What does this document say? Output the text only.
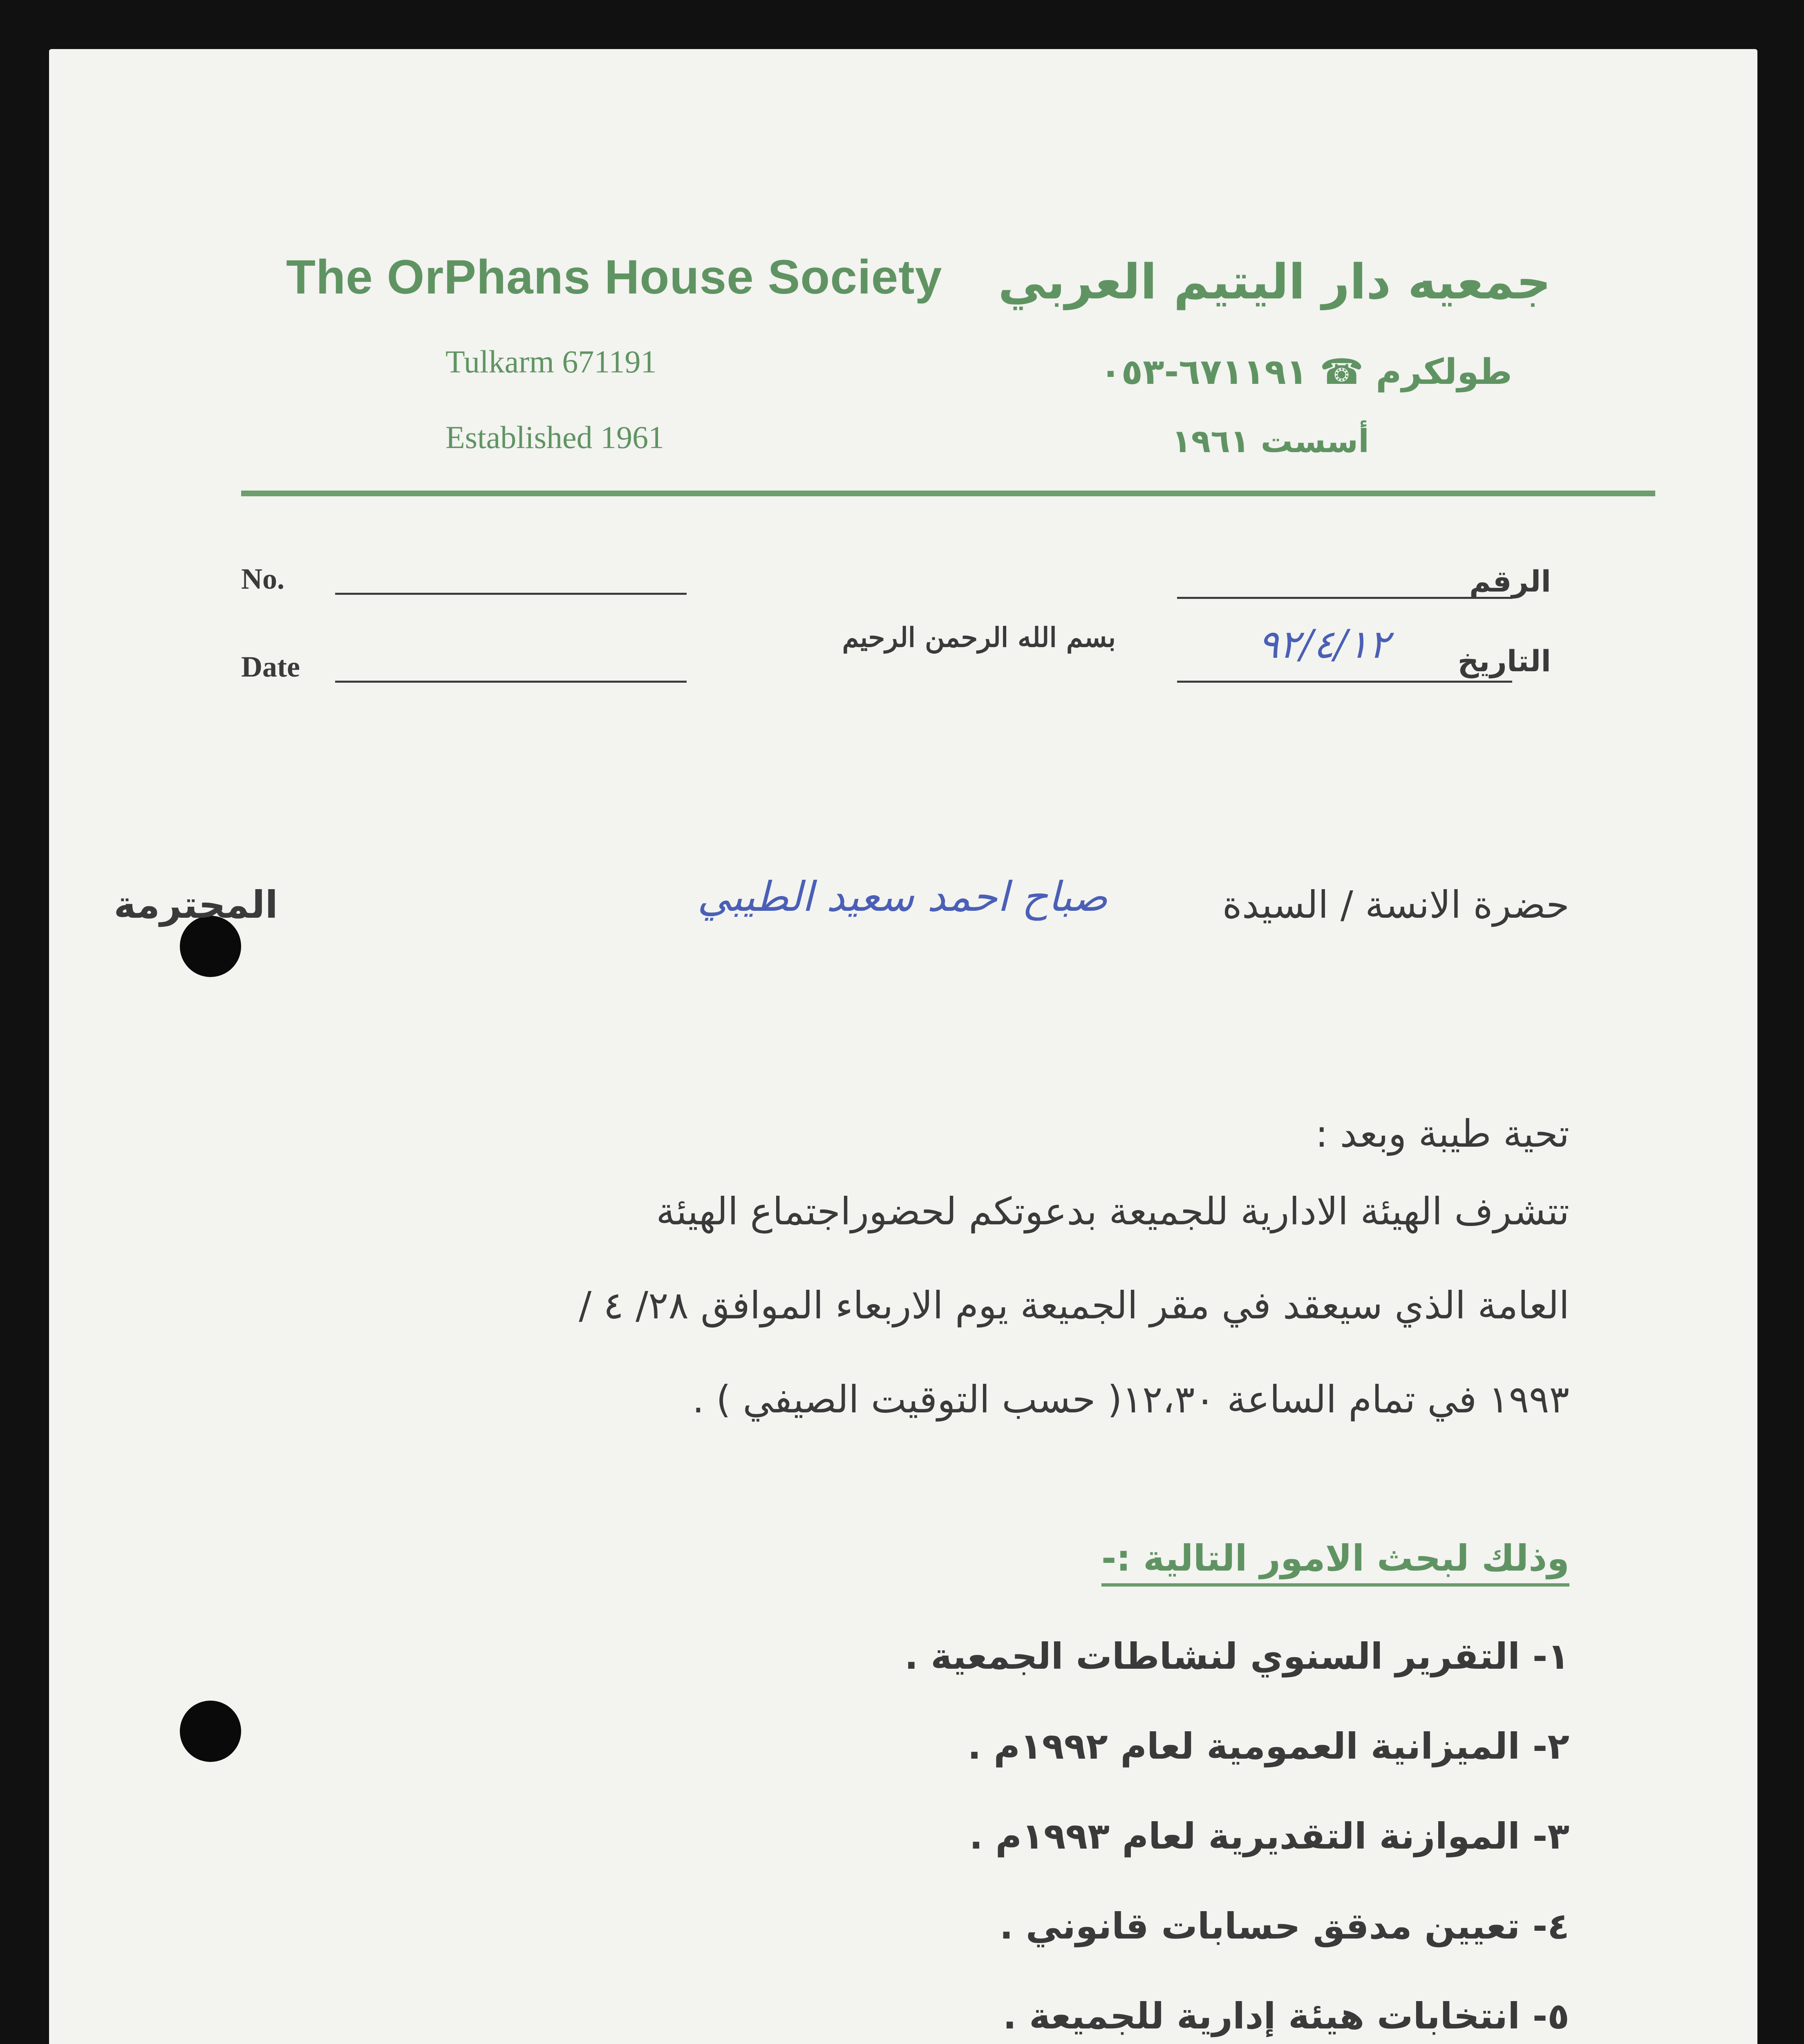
The OrPhans House Society
Tulkarm 671191
Established 1961
جمعيه دار اليتيم العربي
طولكرم ☎ ٦٧١١٩١-٠٥٣
أسست ١٩٦١
No.
Date
بسم الله الرحمن الرحيم
الرقم
التاريخ
٩٢/٤/١٢
حضرة الانسة / السيدة
صباح احمد سعيد الطيبي
المحترمة
تحية طيبة وبعد :
تتشرف الهيئة الادارية للجميعة بدعوتكم لحضوراجتماع الهيئة
العامة الذي سيعقد في مقر الجميعة يوم الاربعاء الموافق ٢٨/ ٤ /
١٩٩٣ في تمام الساعة ١٢،٣٠( حسب التوقيت الصيفي ) .
وذلك لبحث الامور التالية :-
١- التقرير السنوي لنشاطات الجمعية .
٢- الميزانية العمومية لعام ١٩٩٢م .
٣- الموازنة التقديرية لعام ١٩٩٣م .
٤- تعيين مدقق حسابات قانوني .
٥- انتخابات هيئة إدارية للجميعة .
